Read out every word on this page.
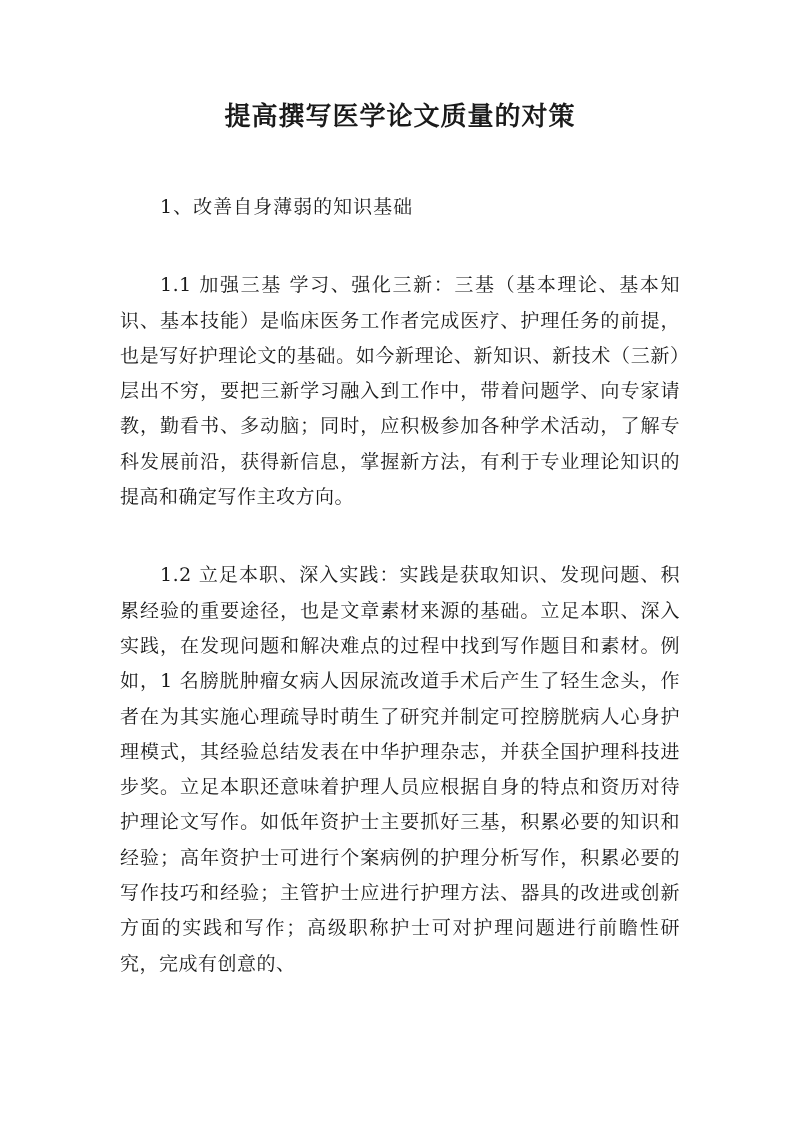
提高撰写医学论文质量的对策

1、改善自身薄弱的知识基础

1.1 加强三基 学习、强化三新：三基（基本理论、基本知识、基本技能）是临床医务工作者完成医疗、护理任务的前提，也是写好护理论文的基础。如今新理论、新知识、新技术（三新）层出不穷，要把三新学习融入到工作中，带着问题学、向专家请教，勤看书、多动脑；同时，应积极参加各种学术活动，了解专科发展前沿，获得新信息，掌握新方法，有利于专业理论知识的提高和确定写作主攻方向。

1.2 立足本职、深入实践：实践是获取知识、发现问题、积累经验的重要途径，也是文章素材来源的基础。立足本职、深入实践，在发现问题和解决难点的过程中找到写作题目和素材。例如，1 名膀胱肿瘤女病人因尿流改道手术后产生了轻生念头，作者在为其实施心理疏导时萌生了研究并制定可控膀胱病人心身护理模式，其经验总结发表在中华护理杂志，并获全国护理科技进步奖。立足本职还意味着护理人员应根据自身的特点和资历对待护理论文写作。如低年资护士主要抓好三基，积累必要的知识和经验；高年资护士可进行个案病例的护理分析写作，积累必要的写作技巧和经验；主管护士应进行护理方法、器具的改进或创新方面的实践和写作；高级职称护士可对护理问题进行前瞻性研究，完成有创意的、
